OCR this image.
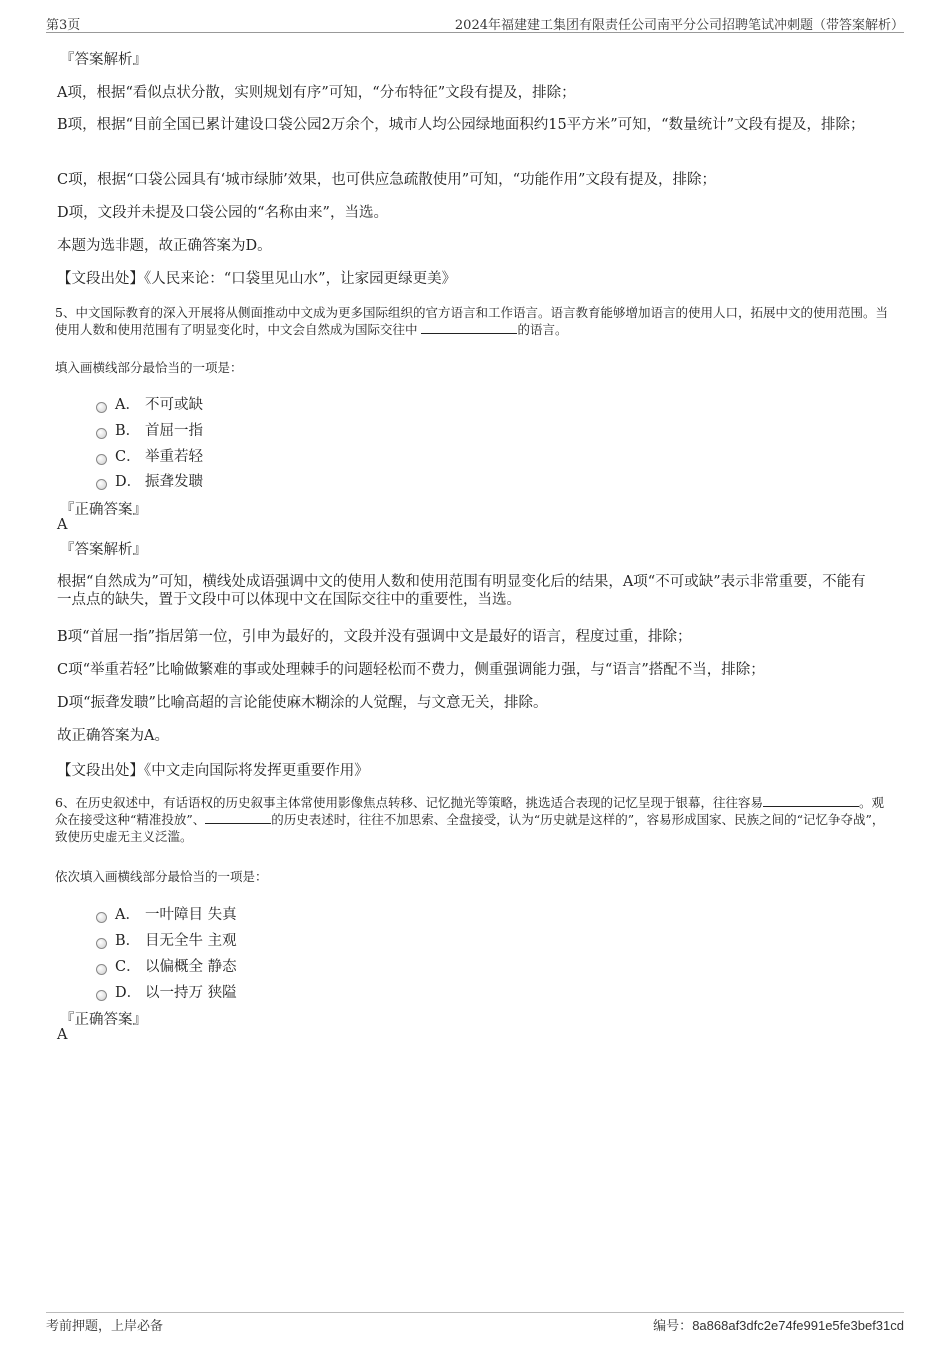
第3页	2024年福建建工集团有限责任公司南平分公司招聘笔试冲刺题（带答案解析）
『答案解析』
A项，根据“看似点状分散，实则规划有序”可知，“分布特征”文段有提及，排除；
B项，根据“目前全国已累计建设口袋公园2万余个，城市人均公园绿地面积约15平方米”可知，“数量统计”文段有提及，排除；
C项，根据“口袋公园具有‘城市绿肺’效果，也可供应急疏散使用”可知，“功能作用”文段有提及，排除；
D项，文段并未提及口袋公园的“名称由来”，当选。
本题为选非题，故正确答案为D。
【文段出处】《人民来论：“口袋里见山水”，让家园更绿更美》
5、中文国际教育的深入开展将从侧面推动中文成为更多国际组织的官方语言和工作语言。语言教育能够增加语言的使用人口，拓展中文的使用范围。当使用人数和使用范围有了明显变化时，中文会自然成为国际交往中	的语言。
填入画横线部分最恰当的一项是：
A． 不可或缺
B． 首屈一指
C． 举重若轻
D． 振聋发聩
『正确答案』
A
『答案解析』
根据“自然成为”可知，横线处成语强调中文的使用人数和使用范围有明显变化后的结果，A项“不可或缺”表示非常重要，不能有一点点的缺失，置于文段中可以体现中文在国际交往中的重要性，当选。
B项“首屈一指”指居第一位，引申为最好的，文段并没有强调中文是最好的语言，程度过重，排除；
C项“举重若轻”比喻做繁难的事或处理棘手的问题轻松而不费力，侧重强调能力强，与“语言”搭配不当，排除；
D项“振聋发聩”比喻高超的言论能使麻木糊涂的人觉醒，与文意无关，排除。
故正确答案为A。
【文段出处】《中文走向国际将发挥更重要作用》
6、在历史叙述中，有话语权的历史叙事主体常使用影像焦点转移、记忆抛光等策略，挑选适合表现的记忆呈现于银幕，往往容易	。观众在接受这种“精准投放”、	的历史表述时，往往不加思索、全盘接受，认为“历史就是这样的”，容易形成国家、民族之间的“记忆争夺战”，致使历史虚无主义泛滥。
依次填入画横线部分最恰当的一项是：
A． 一叶障目 失真
B． 目无全牛 主观
C． 以偏概全 静态
D． 以一持万 狭隘
『正确答案』
A
考前押题，上岸必备	编号：8a868af3dfc2e74fe991e5fe3bef31cd
